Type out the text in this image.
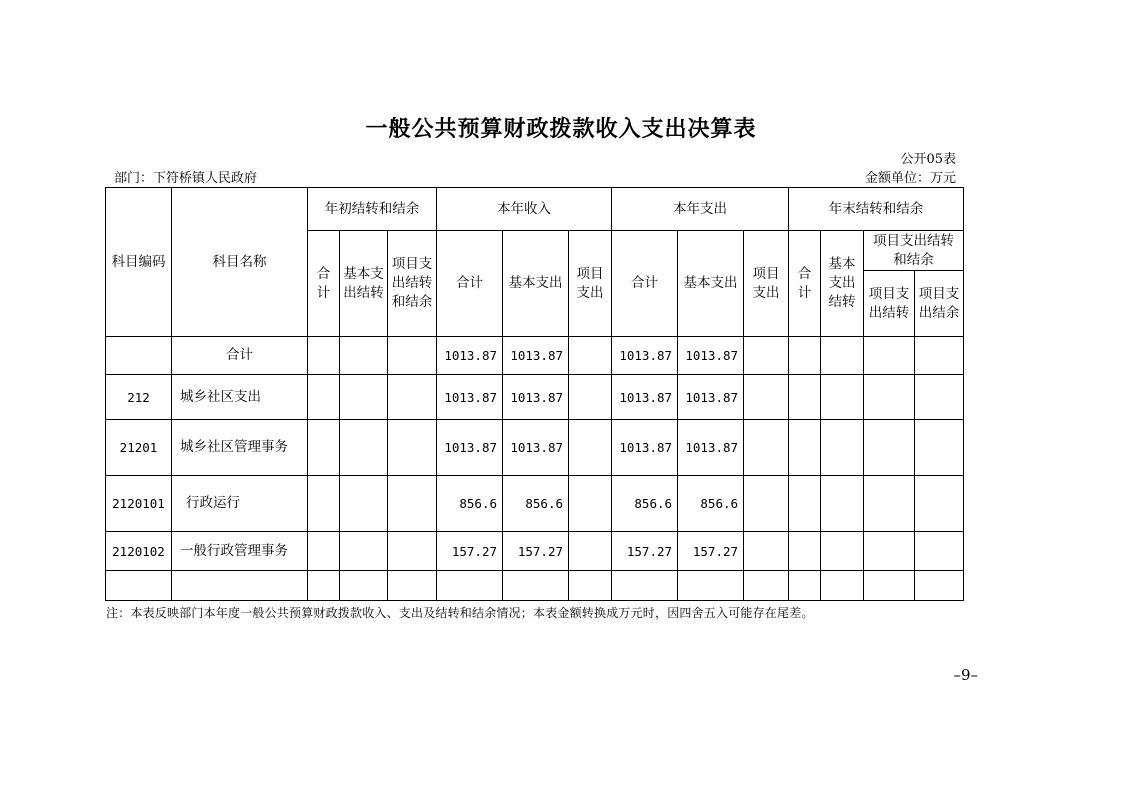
一般公共预算财政拨款收入支出决算表
公开05表
部门：下符桥镇人民政府	金额单位：万元
科目编码	科目名称	年初结转和结余			本年收入			本年支出			年末结转和结余			
		合计	基本支出结转	项目支出结转和结余	合计	基本支出	项目支出	合计	基本支出	项目支出	合计	基本支出结转	项目支出结转和结余	
													项目支出结转	项目支出结余
	合计				1013.87	1013.87		1013.87	1013.87					
212	城乡社区支出				1013.87	1013.87		1013.87	1013.87					
21201	城乡社区管理事务				1013.87	1013.87		1013.87	1013.87					
2120101	行政运行				856.6	856.6		856.6	856.6					
2120102	一般行政管理事务				157.27	157.27		157.27	157.27					

注：本表反映部门本年度一般公共预算财政拨款收入、支出及结转和结余情况；本表金额转换成万元时，因四舍五入可能存在尾差。
–9–
